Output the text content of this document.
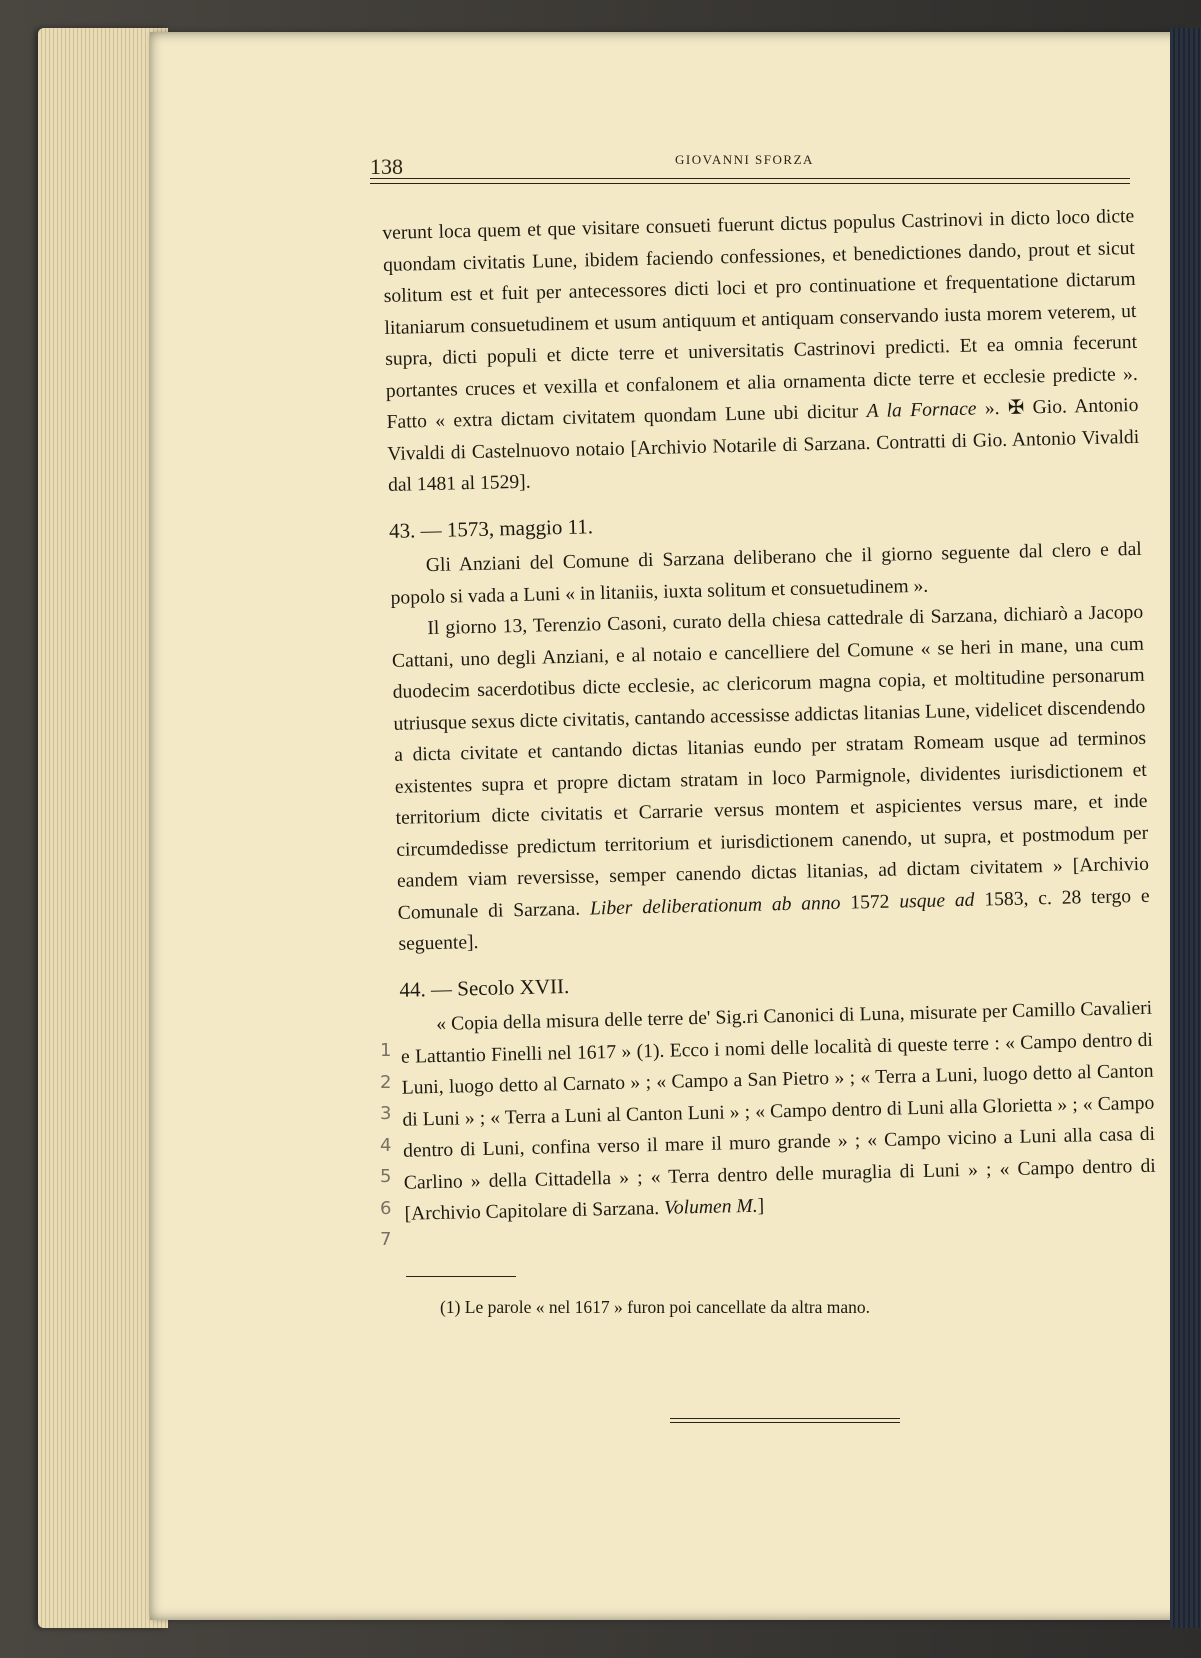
138	GIOVANNI SFORZA

verunt loca quem et que visitare consueti fuerunt dictus populus Castrinovi in dicto loco dicte quondam civitatis Lune, ibidem faciendo confessiones, et benedictiones dando, prout et sicut solitum est et fuit per antecessores dicti loci et pro continuatione et frequentatione dictarum litaniarum consuetudinem et usum antiquum et antiquam conservando iusta morem veterem, ut supra, dicti populi et dicte terre et universitatis Castrinovi predicti. Et ea omnia fecerunt portantes cruces et vexilla et confalonem et alia ornamenta dicte terre et ecclesie predicte ». Fatto « extra dictam civitatem quondam Lune ubi dicitur A la Fornace ». ✠ Gio. Antonio Vivaldi di Castelnuovo notaio [Archivio Notarile di Sarzana. Contratti di Gio. Antonio Vivaldi dal 1481 al 1529].

43. — 1573, maggio 11.

Gli Anziani del Comune di Sarzana deliberano che il giorno seguente dal clero e dal popolo si vada a Luni « in litaniis, iuxta solitum et consuetudinem ».

Il giorno 13, Terenzio Casoni, curato della chiesa cattedrale di Sarzana, dichiarò a Jacopo Cattani, uno degli Anziani, e al notaio e cancelliere del Comune « se heri in mane, una cum duodecim sacerdotibus dicte ecclesie, ac clericorum magna copia, et moltitudine personarum utriusque sexus dicte civitatis, cantando accessisse addictas litanias Lune, videlicet discendendo a dicta civitate et cantando dictas litanias eundo per stratam Romeam usque ad terminos existentes supra et propre dictam stratam in loco Parmignole, dividentes iurisdictionem et territorium dicte civitatis et Carrarie versus montem et aspicientes versus mare, et inde circumdedisse predictum territorium et iurisdictionem canendo, ut supra, et postmodum per eandem viam reversisse, semper canendo dictas litanias, ad dictam civitatem » [Archivio Comunale di Sarzana. Liber deliberationum ab anno 1572 usque ad 1583, c. 28 tergo e seguente].

44. — Secolo XVII.

« Copia della misura delle terre de' Sig.ri Canonici di Luna, misurate per Camillo Cavalieri e Lattantio Finelli nel 1617 » (1). Ecco i nomi delle località di queste terre : « Campo dentro di Luni, luogo detto al Carnato » ; « Campo a San Pietro » ; « Terra a Luni, luogo detto al Canton di Luni » ; « Terra a Luni al Canton Luni » ; « Campo dentro di Luni alla Glorietta » ; « Campo dentro di Luni, confina verso il mare il muro grande » ; « Campo vicino a Luni alla casa di Carlino » della Cittadella » ; « Terra dentro delle muraglia di Luni » ; « Campo dentro di [Archivio Capitolare di Sarzana. Volumen M.]

1
2
3
4
5
6
7
(1) Le parole « nel 1617 » furon poi cancellate da altra mano.
